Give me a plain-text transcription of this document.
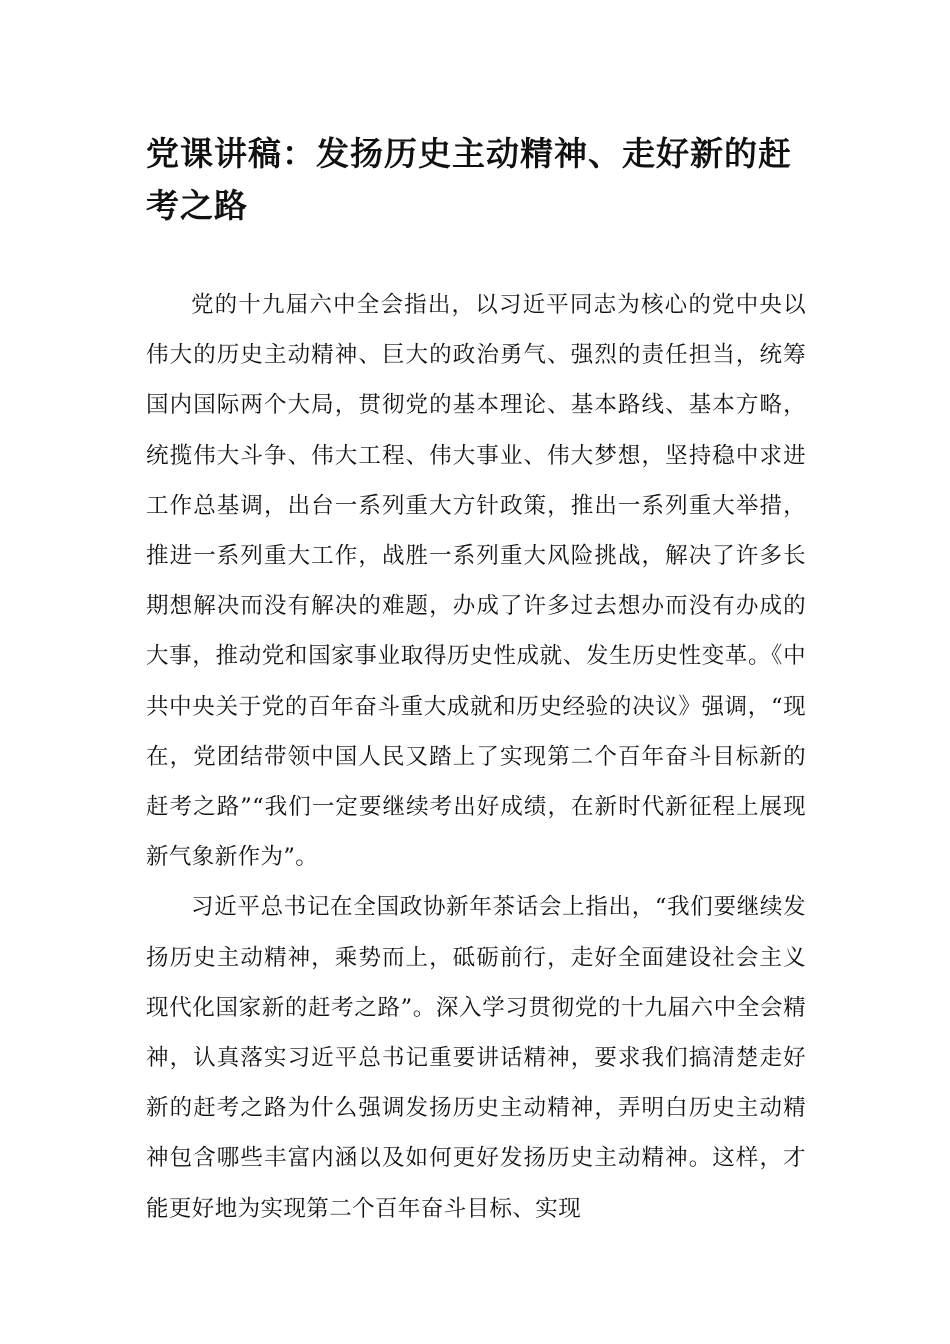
党课讲稿：发扬历史主动精神、走好新的赶考之路

党的十九届六中全会指出，以习近平同志为核心的党中央以伟大的历史主动精神、巨大的政治勇气、强烈的责任担当，统筹国内国际两个大局，贯彻党的基本理论、基本路线、基本方略，统揽伟大斗争、伟大工程、伟大事业、伟大梦想，坚持稳中求进工作总基调，出台一系列重大方针政策，推出一系列重大举措，推进一系列重大工作，战胜一系列重大风险挑战，解决了许多长期想解决而没有解决的难题，办成了许多过去想办而没有办成的大事，推动党和国家事业取得历史性成就、发生历史性变革。《中共中央关于党的百年奋斗重大成就和历史经验的决议》强调，“现在，党团结带领中国人民又踏上了实现第二个百年奋斗目标新的赶考之路”“我们一定要继续考出好成绩，在新时代新征程上展现新气象新作为”。

习近平总书记在全国政协新年茶话会上指出，“我们要继续发扬历史主动精神，乘势而上，砥砺前行，走好全面建设社会主义现代化国家新的赶考之路”。深入学习贯彻党的十九届六中全会精神，认真落实习近平总书记重要讲话精神，要求我们搞清楚走好新的赶考之路为什么强调发扬历史主动精神，弄明白历史主动精神包含哪些丰富内涵以及如何更好发扬历史主动精神。这样，才能更好地为实现第二个百年奋斗目标、实现
